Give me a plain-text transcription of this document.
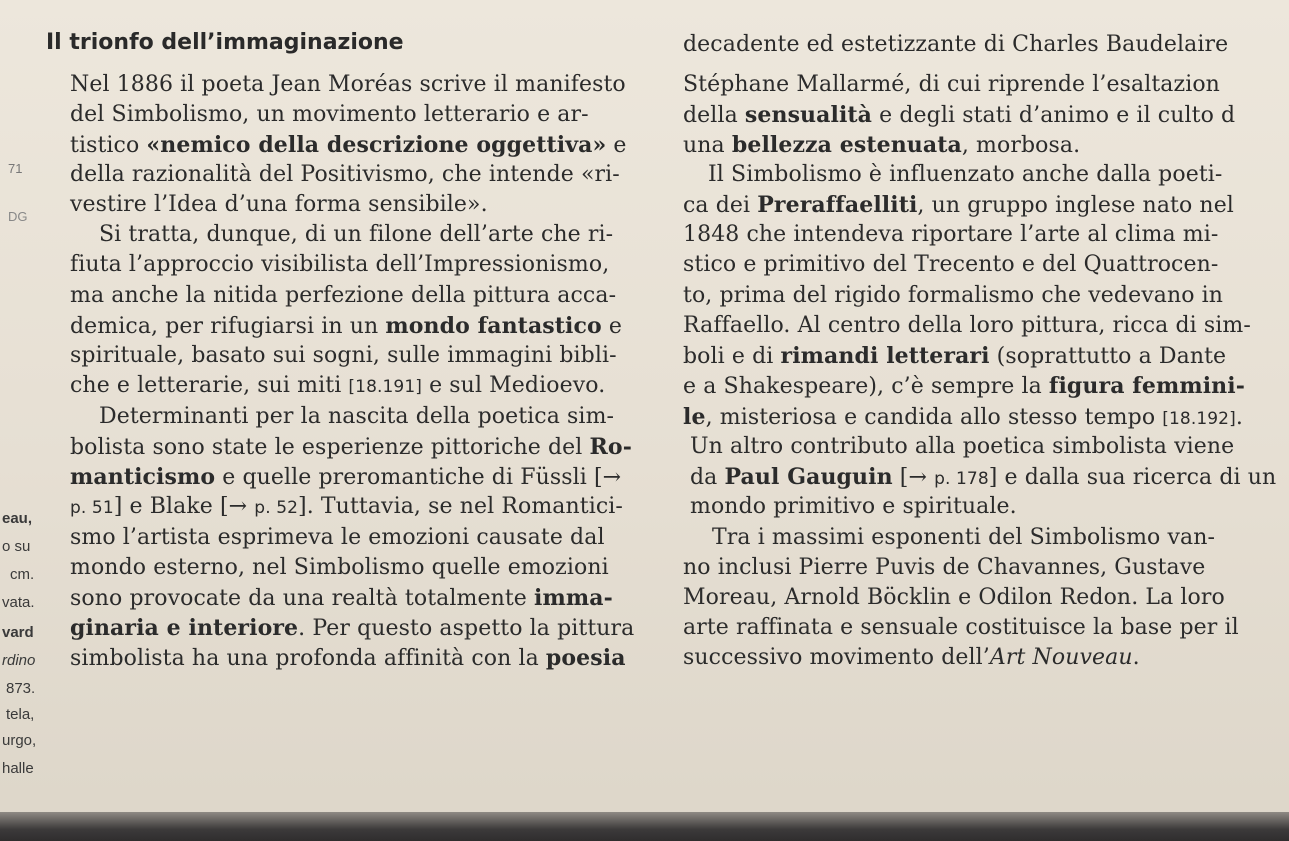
Il trionfo dell’immaginazione
Nel 1886 il poeta Jean Moréas scrive il manifesto
del Simbolismo, un movimento letterario e ar-
tistico «nemico della descrizione oggettiva» e
della razionalità del Positivismo, che intende «ri-
vestire l’Idea d’una forma sensibile».
Si tratta, dunque, di un filone dell’arte che ri-
fiuta l’approccio visibilista dell’Impressionismo,
ma anche la nitida perfezione della pittura acca-
demica, per rifugiarsi in un mondo fantastico e
spirituale, basato sui sogni, sulle immagini bibli-
che e letterarie, sui miti [18.191] e sul Medioevo.
Determinanti per la nascita della poetica sim-
bolista sono state le esperienze pittoriche del Ro-
manticismo e quelle preromantiche di Füssli [→
p. 51] e Blake [→ p. 52]. Tuttavia, se nel Romantici-
smo l’artista esprimeva le emozioni causate dal
mondo esterno, nel Simbolismo quelle emozioni
sono provocate da una realtà totalmente imma-
ginaria e interiore. Per questo aspetto la pittura
simbolista ha una profonda affinità con la poesia
decadente ed estetizzante di Charles Baudelaire
Stéphane Mallarmé, di cui riprende l’esaltazion
della sensualità e degli stati d’animo e il culto d
una bellezza estenuata, morbosa.
Il Simbolismo è influenzato anche dalla poeti-
ca dei Preraffaelliti, un gruppo inglese nato nel
1848 che intendeva riportare l’arte al clima mi-
stico e primitivo del Trecento e del Quattrocen-
to, prima del rigido formalismo che vedevano in
Raffaello. Al centro della loro pittura, ricca di sim-
boli e di rimandi letterari (soprattutto a Dante
e a Shakespeare), c’è sempre la figura femmini-
le, misteriosa e candida allo stesso tempo [18.192].
Un altro contributo alla poetica simbolista viene
da Paul Gauguin [→ p. 178] e dalla sua ricerca di un
mondo primitivo e spirituale.
Tra i massimi esponenti del Simbolismo van-
no inclusi Pierre Puvis de Chavannes, Gustave
Moreau, Arnold Böcklin e Odilon Redon. La loro
arte raffinata e sensuale costituisce la base per il
successivo movimento dell’Art Nouveau.
eau,
o su
cm.
vata.
vard
rdino
873.
tela,
urgo,
halle
71
DG
